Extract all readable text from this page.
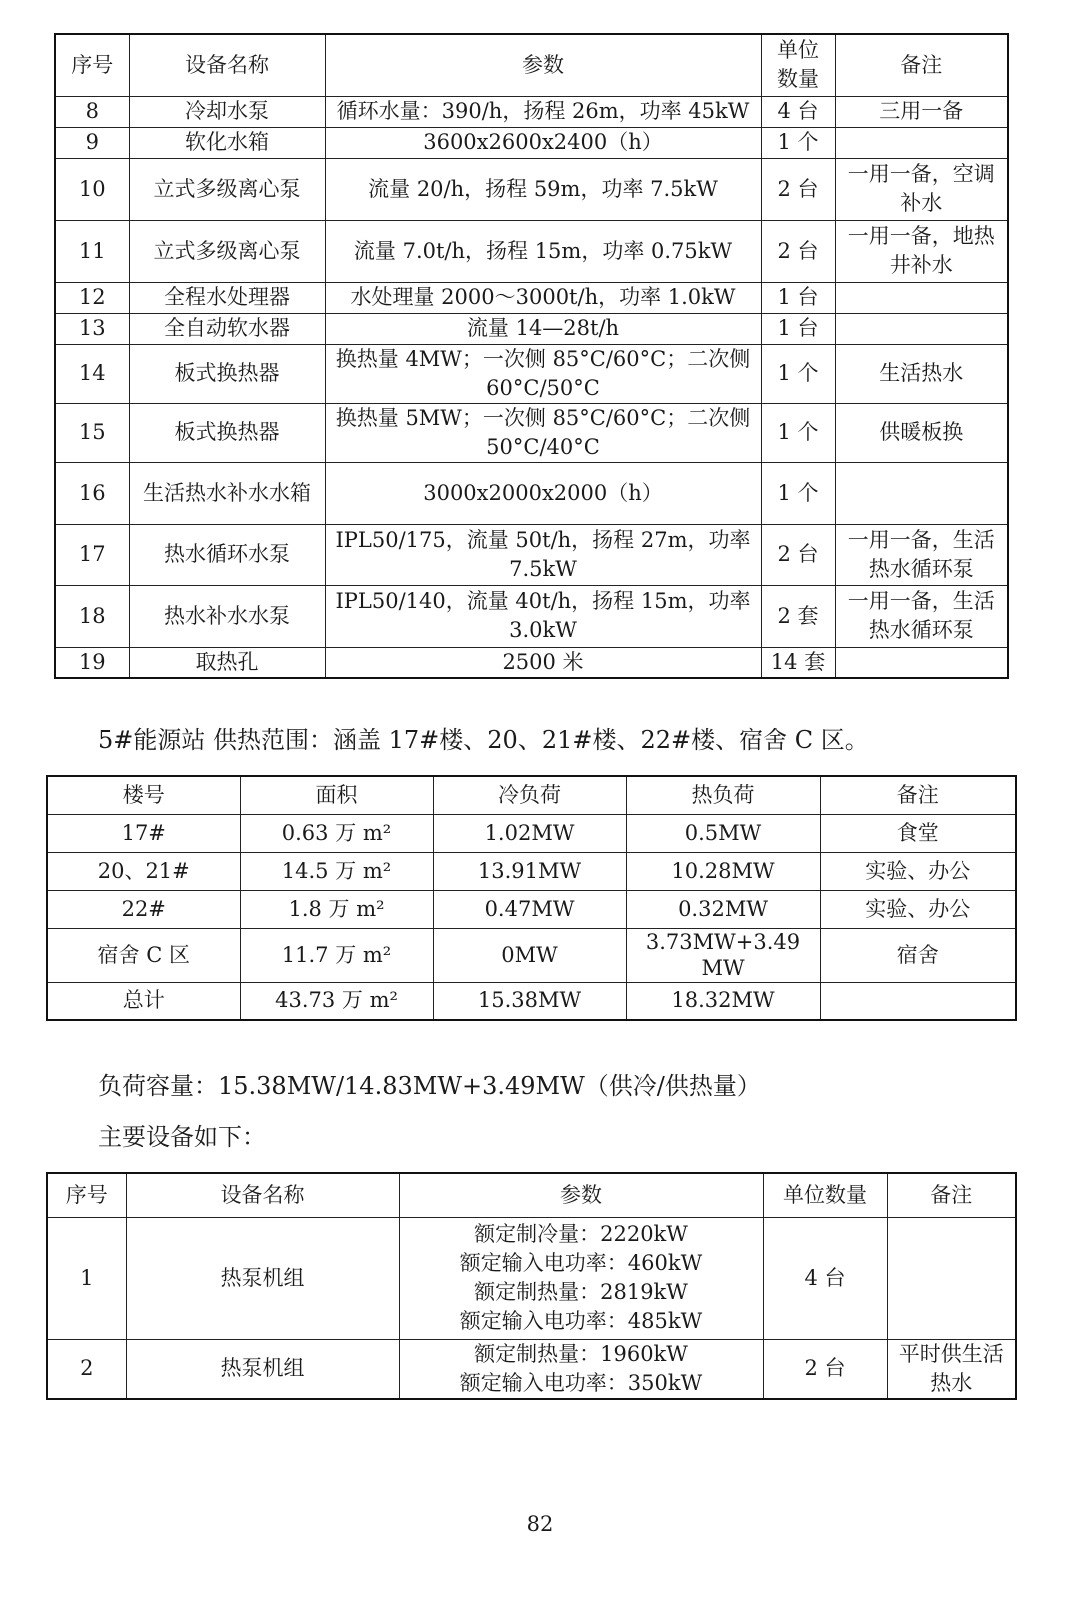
序号	设备名称	参数	单位数量	备注
8	冷却水泵	循环水量：390/h，扬程 26m，功率 45kW	4 台	三用一备
9	软化水箱	3600x2600x2400（h）	1 个	
10	立式多级离心泵	流量 20/h，扬程 59m，功率 7.5kW	2 台	一用一备，空调补水
11	立式多级离心泵	流量 7.0t/h，扬程 15m，功率 0.75kW	2 台	一用一备，地热井补水
12	全程水处理器	水处理量 2000～3000t/h，功率 1.0kW	1 台	
13	全自动软水器	流量 14—28t/h	1 台	
14	板式换热器	换热量 4MW；一次侧 85°C/60°C；二次侧 60°C/50°C	1 个	生活热水
15	板式换热器	换热量 5MW；一次侧 85°C/60°C；二次侧 50°C/40°C	1 个	供暖板换
16	生活热水补水水箱	3000x2000x2000（h）	1 个	
17	热水循环水泵	IPL50/175，流量 50t/h，扬程 27m，功率 7.5kW	2 台	一用一备，生活热水循环泵
18	热水补水水泵	IPL50/140，流量 40t/h，扬程 15m，功率 3.0kW	2 套	一用一备，生活热水循环泵
19	取热孔	2500 米	14 套	
5#能源站 供热范围：涵盖 17#楼、20、21#楼、22#楼、宿舍 C 区。
楼号	面积	冷负荷	热负荷	备注
17#	0.63 万 m²	1.02MW	0.5MW	食堂
20、21#	14.5 万 m²	13.91MW	10.28MW	实验、办公
22#	1.8 万 m²	0.47MW	0.32MW	实验、办公
宿舍 C 区	11.7 万 m²	0MW	3.73MW+3.49 MW	宿舍
总计	43.73 万 m²	15.38MW	18.32MW	
负荷容量：15.38MW/14.83MW+3.49MW（供冷/供热量）
主要设备如下：
序号	设备名称	参数	单位数量	备注
1	热泵机组	额定制冷量：2220kW
额定输入电功率：460kW
额定制热量：2819kW
额定输入电功率：485kW	4 台	
2	热泵机组	额定制热量：1960kW
额定输入电功率：350kW	2 台	平时供生活热水
82
